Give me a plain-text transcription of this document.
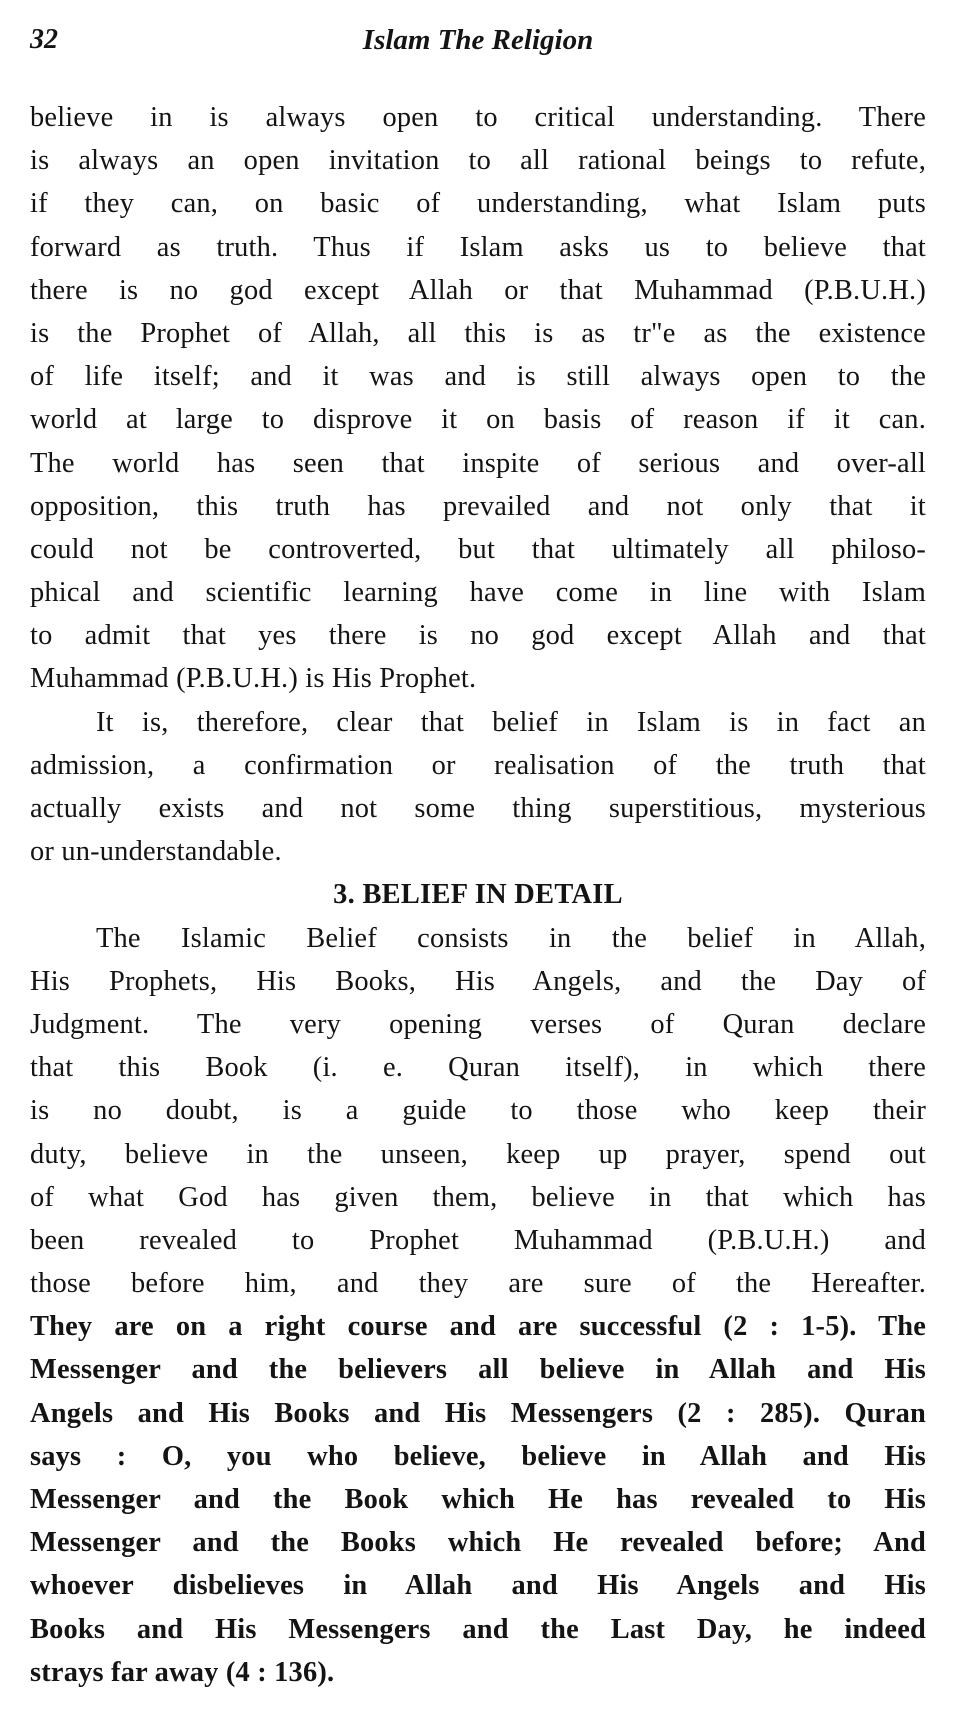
32	Islam The Religion
believe in is always open to critical understanding. There
is always an open invitation to all rational beings to refute,
if they can, on basic of understanding, what Islam puts
forward as truth. Thus if Islam asks us to believe that
there is no god except Allah or that Muhammad (P.B.U.H.)
is the Prophet of Allah, all this is as tr"e as the existence
of life itself; and it was and is still always open to the
world at large to disprove it on basis of reason if it can.
The world has seen that inspite of serious and over-all
opposition, this truth has prevailed and not only that it
could not be controverted, but that ultimately all philoso-
phical and scientific learning have come in line with Islam
to admit that yes there is no god except Allah and that
Muhammad (P.B.U.H.) is His Prophet.
It is, therefore, clear that belief in Islam is in fact an
admission, a confirmation or realisation of the truth that
actually exists and not some thing superstitious, mysterious
or un-understandable.
3. BELIEF IN DETAIL
The Islamic Belief consists in the belief in Allah,
His Prophets, His Books, His Angels, and the Day of
Judgment. The very opening verses of Quran declare
that this Book (i. e. Quran itself), in which there
is no doubt, is a guide to those who keep their
duty, believe in the unseen, keep up prayer, spend out
of what God has given them, believe in that which has
been revealed to Prophet Muhammad (P.B.U.H.) and
those before him, and they are sure of the Hereafter.
They are on a right course and are successful (2 : 1-5). The
Messenger and the believers all believe in Allah and His
Angels and His Books and His Messengers (2 : 285). Quran
says : O, you who believe, believe in Allah and His
Messenger and the Book which He has revealed to His
Messenger and the Books which He revealed before; And
whoever disbelieves in Allah and His Angels and His
Books and His Messengers and the Last Day, he indeed
strays far away (4 : 136).
